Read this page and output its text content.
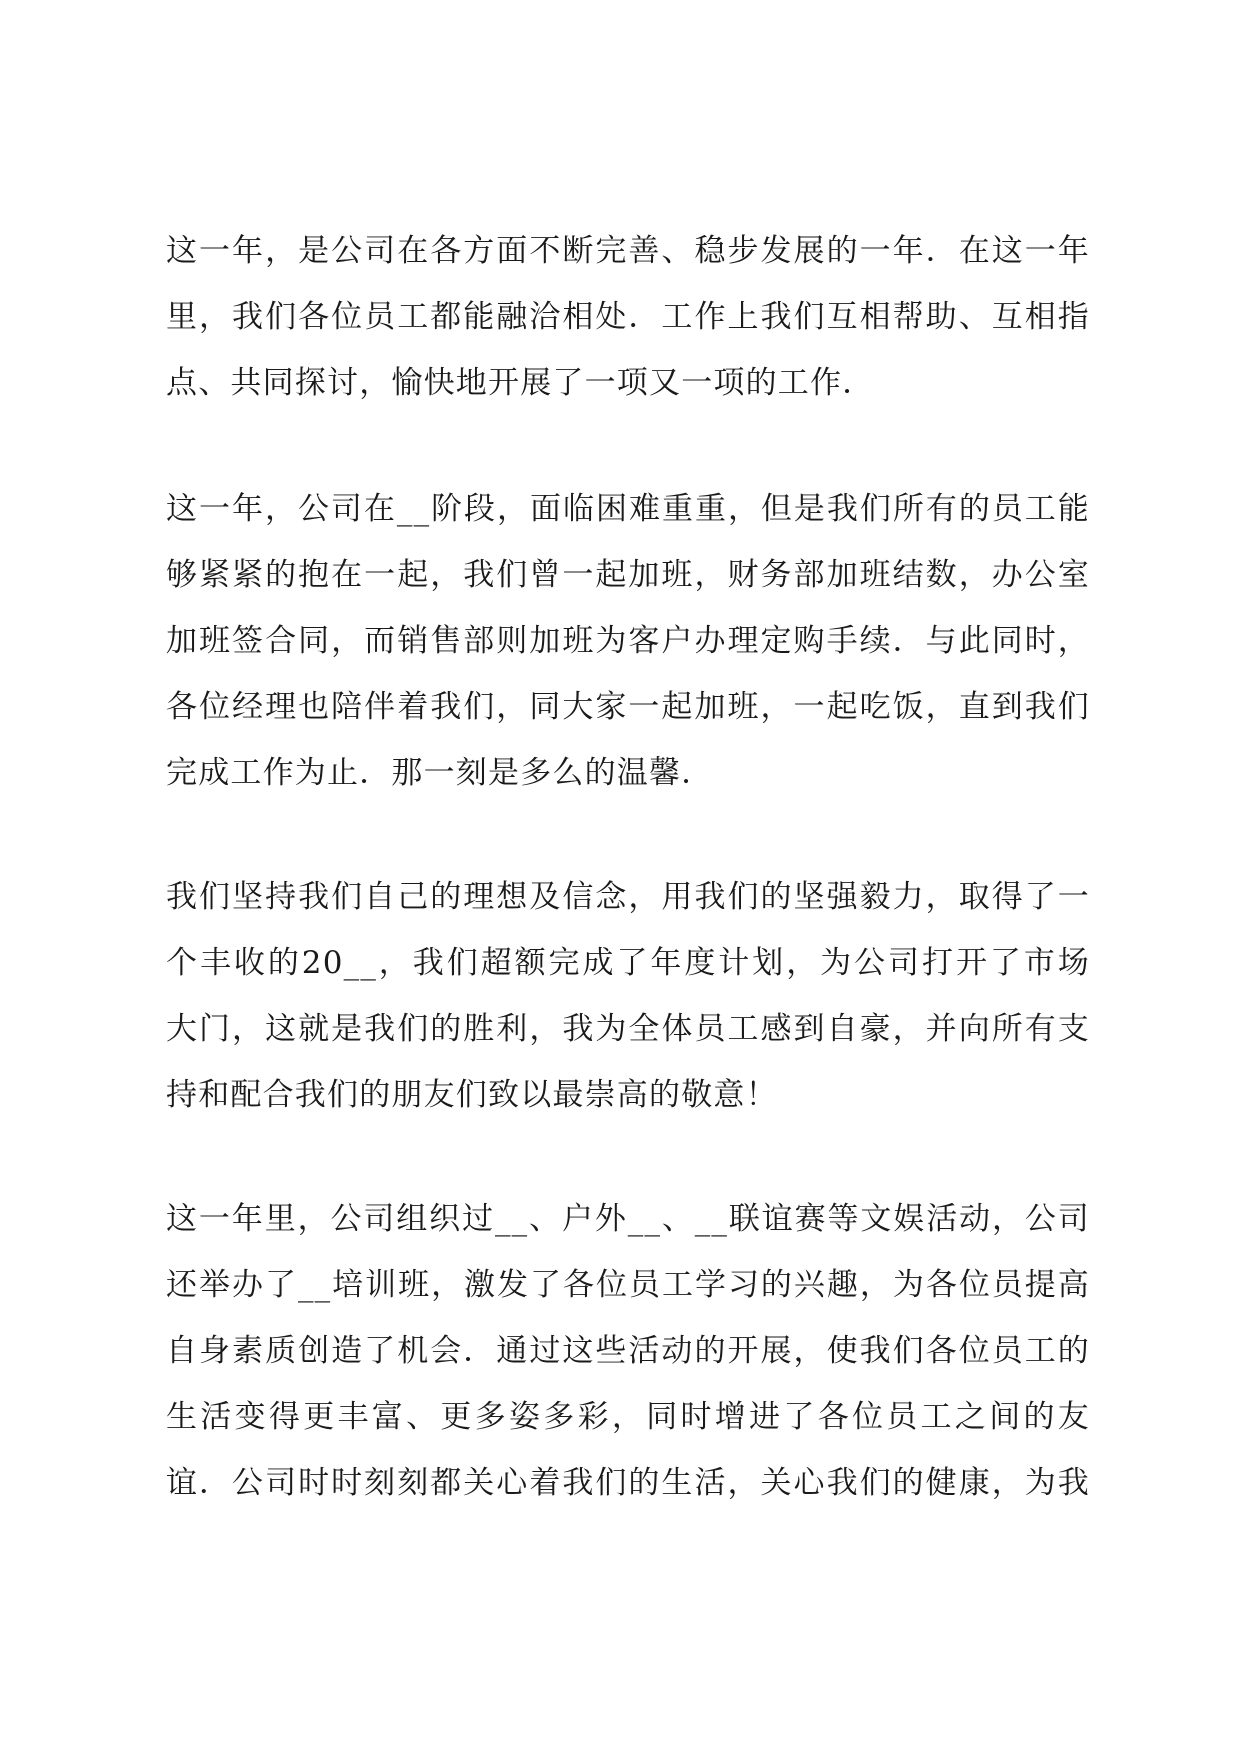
这一年，是公司在各方面不断完善、稳步发展的一年．在这一年
里，我们各位员工都能融洽相处．工作上我们互相帮助、互相指
点、共同探讨，愉快地开展了一项又一项的工作．
这一年，公司在__阶段，面临困难重重，但是我们所有的员工能
够紧紧的抱在一起，我们曾一起加班，财务部加班结数，办公室
加班签合同，而销售部则加班为客户办理定购手续．与此同时，
各位经理也陪伴着我们，同大家一起加班，一起吃饭，直到我们
完成工作为止．那一刻是多么的温馨．
我们坚持我们自己的理想及信念，用我们的坚强毅力，取得了一
个丰收的20__，我们超额完成了年度计划，为公司打开了市场
大门，这就是我们的胜利，我为全体员工感到自豪，并向所有支
持和配合我们的朋友们致以最崇高的敬意！
这一年里，公司组织过__、户外__、__联谊赛等文娱活动，公司
还举办了__培训班，激发了各位员工学习的兴趣，为各位员提高
自身素质创造了机会．通过这些活动的开展，使我们各位员工的
生活变得更丰富、更多姿多彩，同时增进了各位员工之间的友
谊．公司时时刻刻都关心着我们的生活，关心我们的健康，为我
